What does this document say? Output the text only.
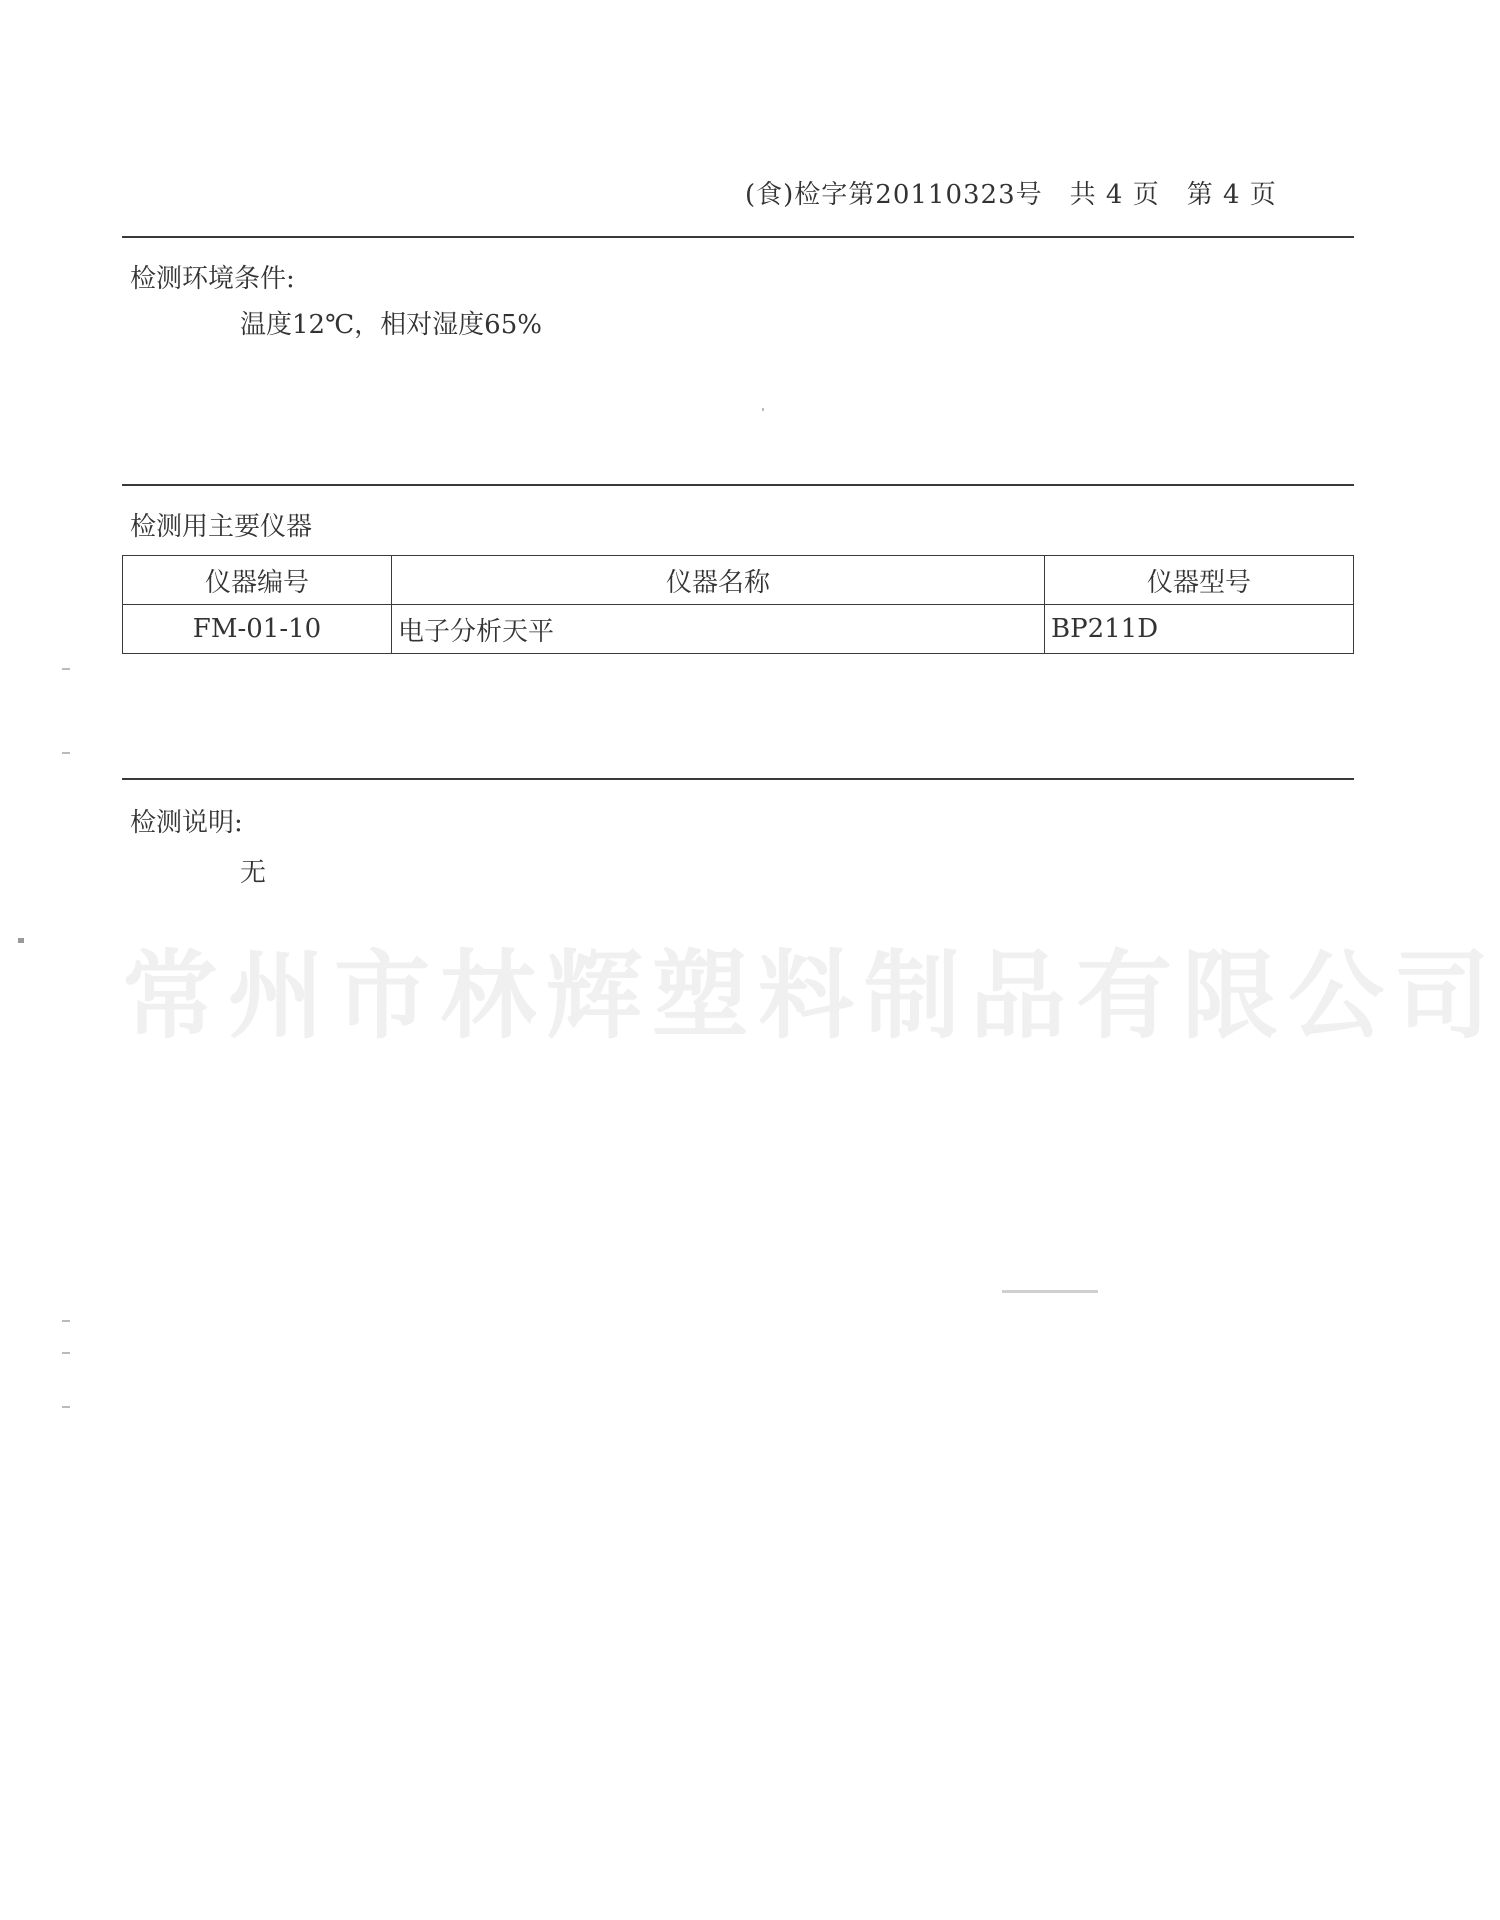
(食)检字第20110323号　共 4 页　第 4 页
检测环境条件:
温度12℃，相对湿度65%
检测用主要仪器
仪器编号	仪器名称	仪器型号
FM-01-10	电子分析天平	BP211D
检测说明:
无
常州市林辉塑料制品有限公司
